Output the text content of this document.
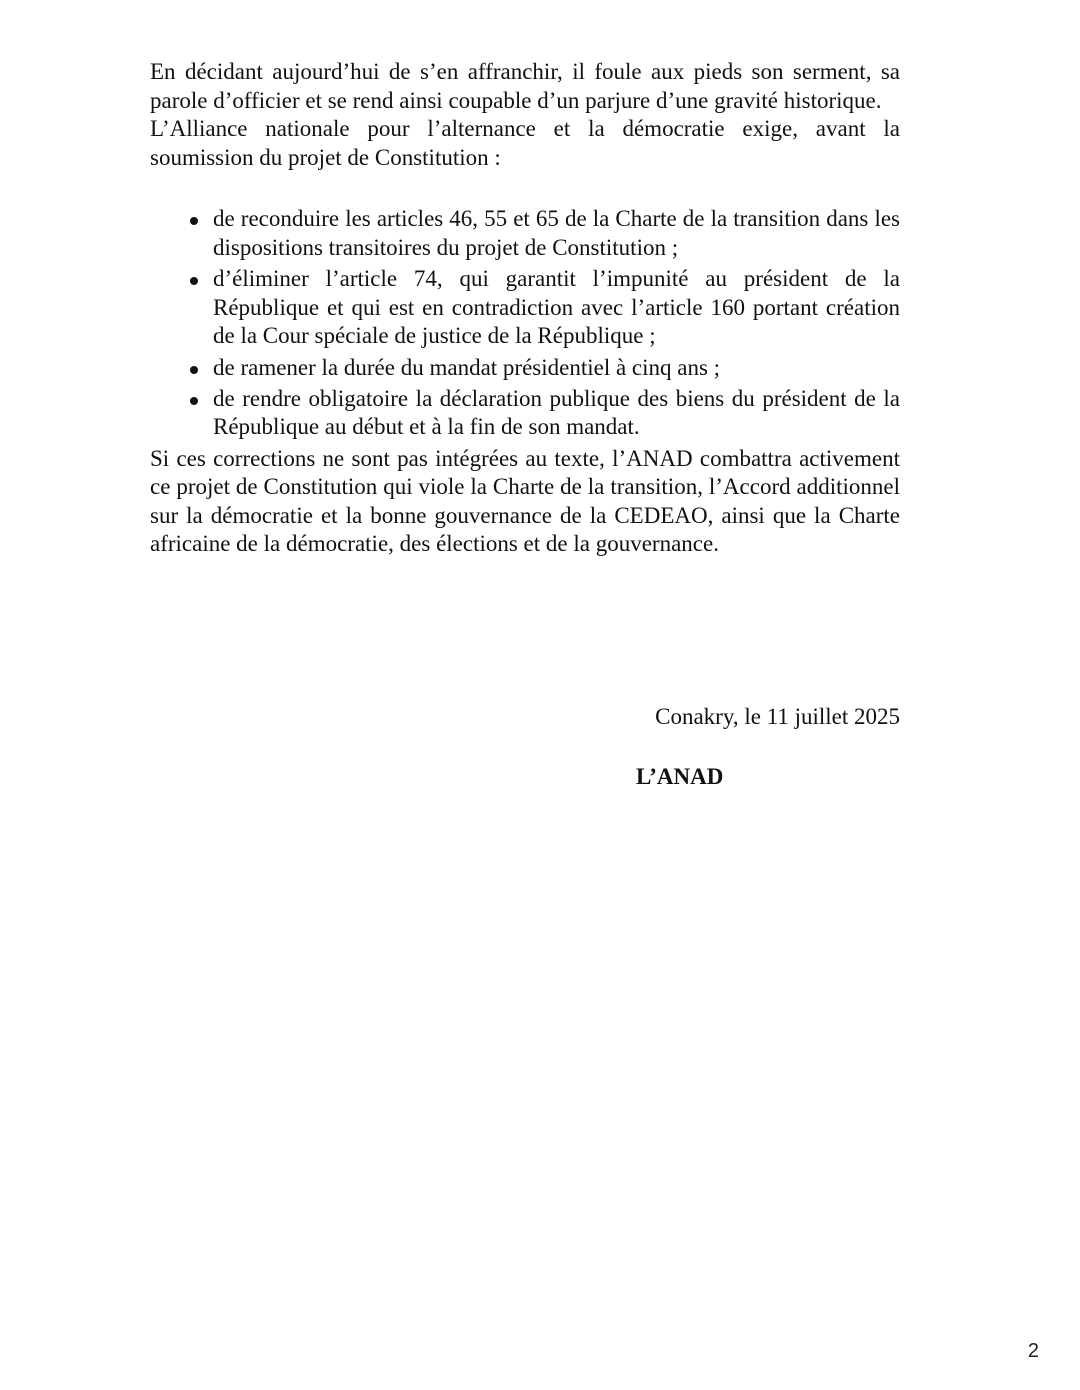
En décidant aujourd’hui de s’en affranchir, il foule aux pieds son serment, sa parole d’officier et se rend ainsi coupable d’un parjure d’une gravité historique.

L’Alliance nationale pour l’alternance et la démocratie exige, avant la soumission du projet de Constitution :

de reconduire les articles 46, 55 et 65 de la Charte de la transition dans les dispositions transitoires du projet de Constitution ;
d’éliminer l’article 74, qui garantit l’impunité au président de la République et qui est en contradiction avec l’article 160 portant création de la Cour spéciale de justice de la République ;
de ramener la durée du mandat présidentiel à cinq ans ;
de rendre obligatoire la déclaration publique des biens du président de la République au début et à la fin de son mandat.

Si ces corrections ne sont pas intégrées au texte, l’ANAD combattra activement ce projet de Constitution qui viole la Charte de la transition, l’Accord additionnel sur la démocratie et la bonne gouvernance de la CEDEAO, ainsi que la Charte africaine de la démocratie, des élections et de la gouvernance.

Conakry, le 11 juillet 2025
L’ANAD
2
